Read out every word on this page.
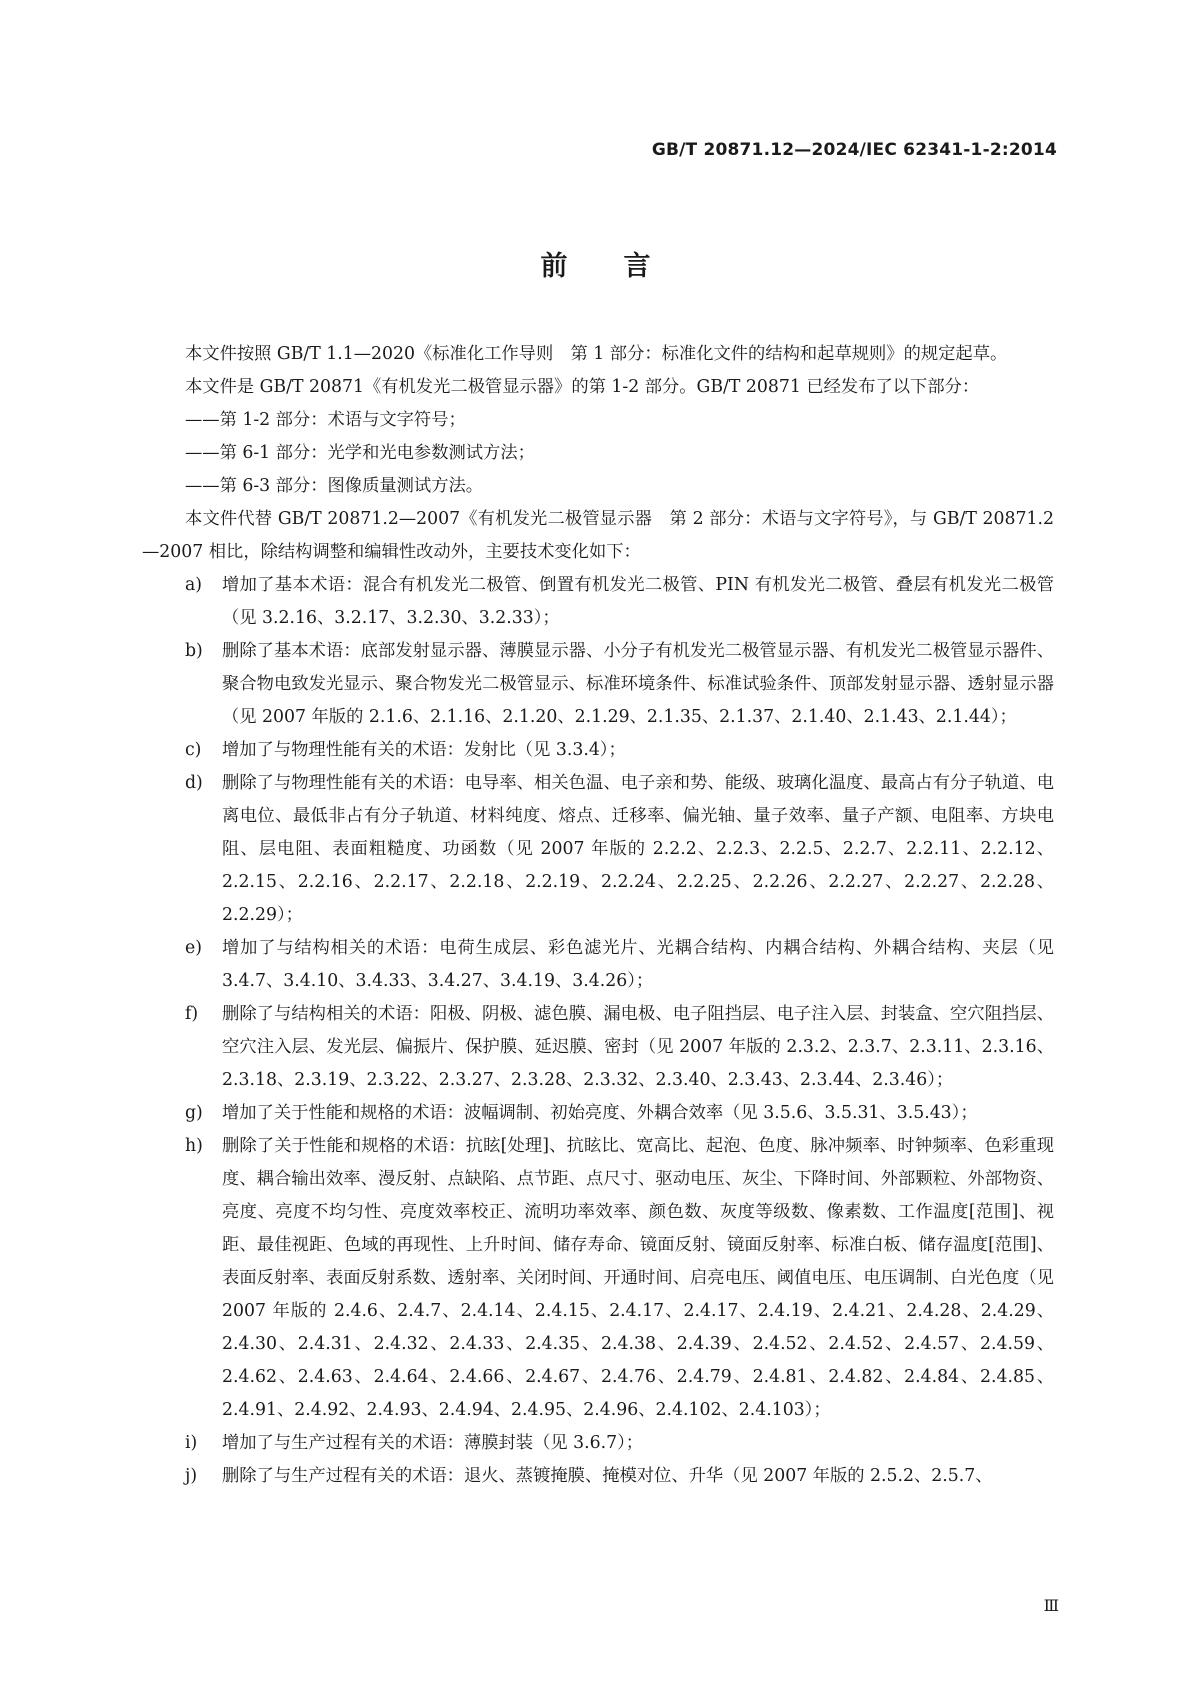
GB/T 20871.12—2024/IEC 62341-1-2:2014
前言
本文件按照 GB/T 1.1—2020《标准化工作导则　第 1 部分：标准化文件的结构和起草规则》的规定起草。
本文件是 GB/T 20871《有机发光二极管显示器》的第 1-2 部分。GB/T 20871 已经发布了以下部分：
——第 1-2 部分：术语与文字符号；
——第 6-1 部分：光学和光电参数测试方法；
——第 6-3 部分：图像质量测试方法。
本文件代替 GB/T 20871.2—2007《有机发光二极管显示器　第 2 部分：术语与文字符号》，与 GB/T 20871.2—2007 相比，除结构调整和编辑性改动外，主要技术变化如下：
a)	增加了基本术语：混合有机发光二极管、倒置有机发光二极管、PIN 有机发光二极管、叠层有机发光二极管（见 3.2.16、3.2.17、3.2.30、3.2.33）；
b)	删除了基本术语：底部发射显示器、薄膜显示器、小分子有机发光二极管显示器、有机发光二极管显示器件、聚合物电致发光显示、聚合物发光二极管显示、标准环境条件、标准试验条件、顶部发射显示器、透射显示器（见 2007 年版的 2.1.6、2.1.16、2.1.20、2.1.29、2.1.35、2.1.37、2.1.40、2.1.43、2.1.44）；
c)	增加了与物理性能有关的术语：发射比（见 3.3.4）；
d)	删除了与物理性能有关的术语：电导率、相关色温、电子亲和势、能级、玻璃化温度、最高占有分子轨道、电离电位、最低非占有分子轨道、材料纯度、熔点、迁移率、偏光轴、量子效率、量子产额、电阻率、方块电阻、层电阻、表面粗糙度、功函数（见 2007 年版的 2.2.2、2.2.3、2.2.5、2.2.7、2.2.11、2.2.12、2.2.15、2.2.16、2.2.17、2.2.18、2.2.19、2.2.24、2.2.25、2.2.26、2.2.27、2.2.27、2.2.28、2.2.29）；
e)	增加了与结构相关的术语：电荷生成层、彩色滤光片、光耦合结构、内耦合结构、外耦合结构、夹层（见 3.4.7、3.4.10、3.4.33、3.4.27、3.4.19、3.4.26）；
f)	删除了与结构相关的术语：阳极、阴极、滤色膜、漏电极、电子阻挡层、电子注入层、封装盒、空穴阻挡层、空穴注入层、发光层、偏振片、保护膜、延迟膜、密封（见 2007 年版的 2.3.2、2.3.7、2.3.11、2.3.16、2.3.18、2.3.19、2.3.22、2.3.27、2.3.28、2.3.32、2.3.40、2.3.43、2.3.44、2.3.46）；
g)	增加了关于性能和规格的术语：波幅调制、初始亮度、外耦合效率（见 3.5.6、3.5.31、3.5.43）；
h)	删除了关于性能和规格的术语：抗眩[处理]、抗眩比、宽高比、起泡、色度、脉冲频率、时钟频率、色彩重现度、耦合输出效率、漫反射、点缺陷、点节距、点尺寸、驱动电压、灰尘、下降时间、外部颗粒、外部物资、亮度、亮度不均匀性、亮度效率校正、流明功率效率、颜色数、灰度等级数、像素数、工作温度[范围]、视距、最佳视距、色域的再现性、上升时间、储存寿命、镜面反射、镜面反射率、标准白板、储存温度[范围]、表面反射率、表面反射系数、透射率、关闭时间、开通时间、启亮电压、阈值电压、电压调制、白光色度（见 2007 年版的 2.4.6、2.4.7、2.4.14、2.4.15、2.4.17、2.4.17、2.4.19、2.4.21、2.4.28、2.4.29、2.4.30、2.4.31、2.4.32、2.4.33、2.4.35、2.4.38、2.4.39、2.4.52、2.4.52、2.4.57、2.4.59、2.4.62、2.4.63、2.4.64、2.4.66、2.4.67、2.4.76、2.4.79、2.4.81、2.4.82、2.4.84、2.4.85、2.4.91、2.4.92、2.4.93、2.4.94、2.4.95、2.4.96、2.4.102、2.4.103）；
i)	增加了与生产过程有关的术语：薄膜封装（见 3.6.7）；
j)	删除了与生产过程有关的术语：退火、蒸镀掩膜、掩模对位、升华（见 2007 年版的 2.5.2、2.5.7、
Ⅲ
